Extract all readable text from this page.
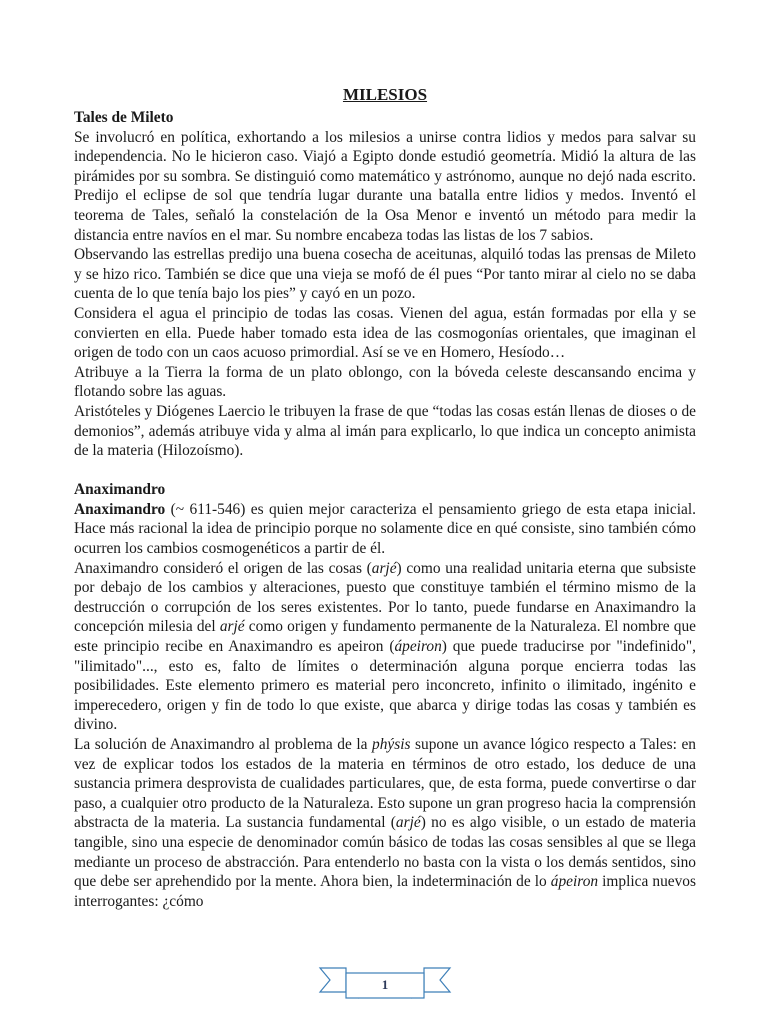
MILESIOS
Tales de Mileto

Se involucró en política, exhortando a los milesios a unirse contra lidios y medos para salvar su independencia. No le hicieron caso. Viajó a Egipto donde estudió geometría. Midió la altura de las pirámides por su sombra. Se distinguió como matemático y astrónomo, aunque no dejó nada escrito. Predijo el eclipse de sol que tendría lugar durante una batalla entre lidios y medos. Inventó el teorema de Tales, señaló la constelación de la Osa Menor e inventó un método para medir la distancia entre navíos en el mar. Su nombre encabeza todas las listas de los 7 sabios.

Observando las estrellas predijo una buena cosecha de aceitunas, alquiló todas las prensas de Mileto y se hizo rico. También se dice que una vieja se mofó de él pues “Por tanto mirar al cielo no se daba cuenta de lo que tenía bajo los pies” y cayó en un pozo.

Considera el agua el principio de todas las cosas. Vienen del agua, están formadas por ella y se convierten en ella. Puede haber tomado esta idea de las cosmogonías orientales, que imaginan el origen de todo con un caos acuoso primordial. Así se ve en Homero, Hesíodo…

Atribuye a la Tierra la forma de un plato oblongo, con la bóveda celeste descansando encima y flotando sobre las aguas.

Aristóteles y Diógenes Laercio le tribuyen la frase de que “todas las cosas están llenas de dioses o de demonios”, además atribuye vida y alma al imán para explicarlo, lo que indica un concepto animista de la materia (Hilozoísmo).

Anaximandro

Anaximandro (~ 611-546) es quien mejor caracteriza el pensamiento griego de esta etapa inicial. Hace más racional la idea de principio porque no solamente dice en qué consiste, sino también cómo ocurren los cambios cosmogenéticos a partir de él.

Anaximandro consideró el origen de las cosas (arjé) como una realidad unitaria eterna que subsiste por debajo de los cambios y alteraciones, puesto que constituye también el término mismo de la destrucción o corrupción de los seres existentes. Por lo tanto, puede fundarse en Anaximandro la concepción milesia del arjé como origen y fundamento permanente de la Naturaleza. El nombre que este principio recibe en Anaximandro es apeiron (ápeiron) que puede traducirse por "indefinido", "ilimitado"..., esto es, falto de límites o determinación alguna porque encierra todas las posibilidades. Este elemento primero es material pero inconcreto, infinito o ilimitado, ingénito e imperecedero, origen y fin de todo lo que existe, que abarca y dirige todas las cosas y también es divino.

La solución de Anaximandro al problema de la phýsis supone un avance lógico respecto a Tales: en vez de explicar todos los estados de la materia en términos de otro estado, los deduce de una sustancia primera desprovista de cualidades particulares, que, de esta forma, puede convertirse o dar paso, a cualquier otro producto de la Naturaleza. Esto supone un gran progreso hacia la comprensión abstracta de la materia. La sustancia fundamental (arjé) no es algo visible, o un estado de materia tangible, sino una especie de denominador común básico de todas las cosas sensibles al que se llega mediante un proceso de abstracción. Para entenderlo no basta con la vista o los demás sentidos, sino que debe ser aprehendido por la mente. Ahora bien, la indeterminación de lo ápeiron implica nuevos interrogantes: ¿cómo

1
